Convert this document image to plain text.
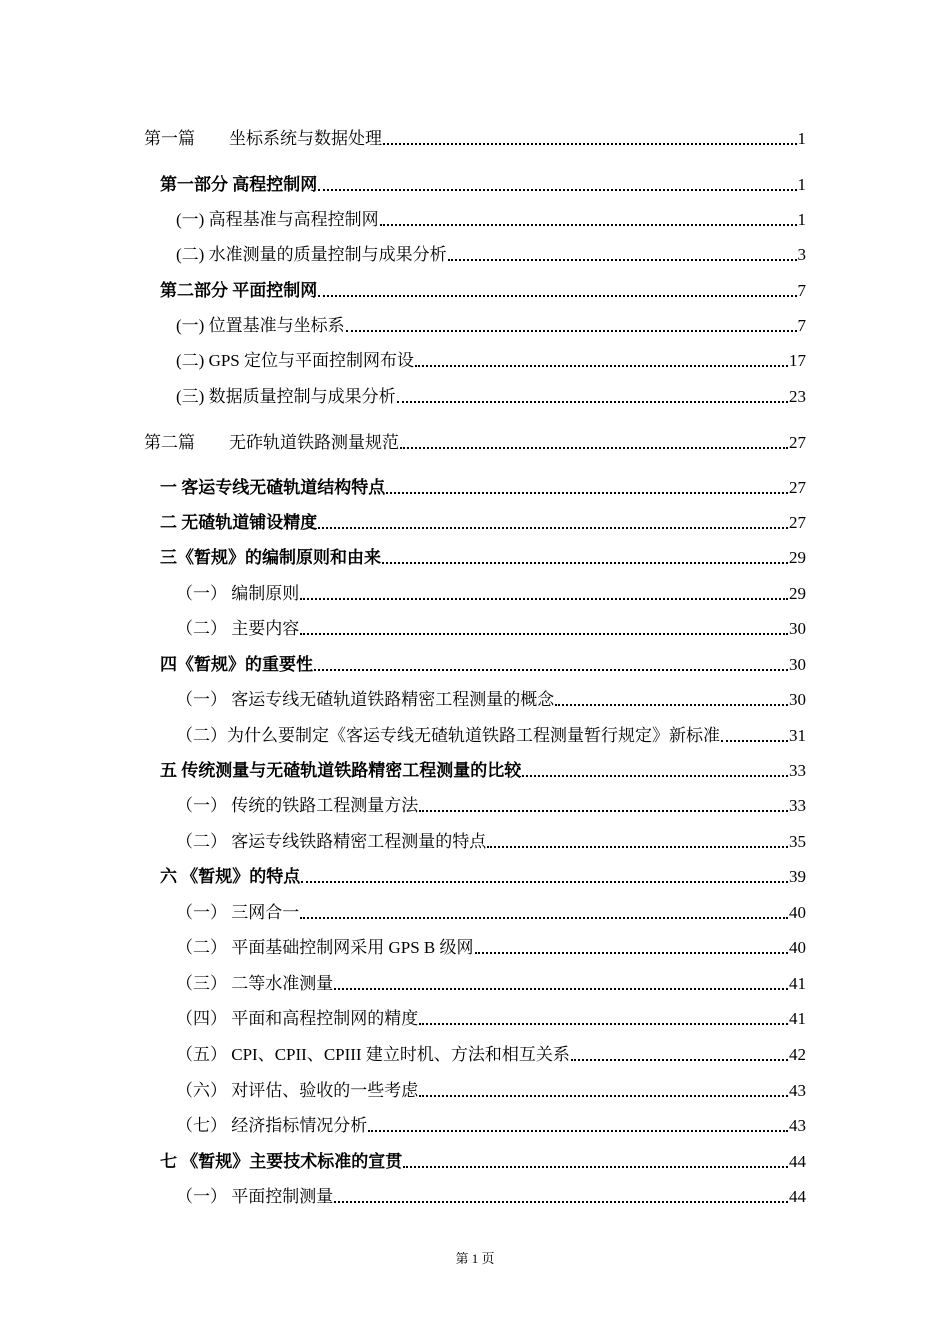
第一篇　　坐标系统与数据处理	1
第一部分 高程控制网	1
(一) 高程基准与高程控制网	1
(二) 水准测量的质量控制与成果分析	3
第二部分 平面控制网	7
(一) 位置基准与坐标系	7
(二) GPS 定位与平面控制网布设	17
(三) 数据质量控制与成果分析	23
第二篇　　无砟轨道铁路测量规范	27
一 客运专线无碴轨道结构特点	27
二 无碴轨道铺设精度	27
三《暂规》的编制原则和由来	29
（一） 编制原则	29
（二） 主要内容	30
四《暂规》的重要性	30
（一） 客运专线无碴轨道铁路精密工程测量的概念	30
（二）为什么要制定《客运专线无碴轨道铁路工程测量暂行规定》新标准	31
五 传统测量与无碴轨道铁路精密工程测量的比较	33
（一） 传统的铁路工程测量方法	33
（二） 客运专线铁路精密工程测量的特点	35
六 《暂规》的特点	39
（一） 三网合一	40
（二） 平面基础控制网采用 GPS B 级网	40
（三） 二等水准测量	41
（四） 平面和高程控制网的精度	41
（五） CPI、CPII、CPIII 建立时机、方法和相互关系	42
（六） 对评估、验收的一些考虑	43
（七） 经济指标情况分析	43
七 《暂规》主要技术标准的宣贯	44
（一） 平面控制测量	44
第 1 页
